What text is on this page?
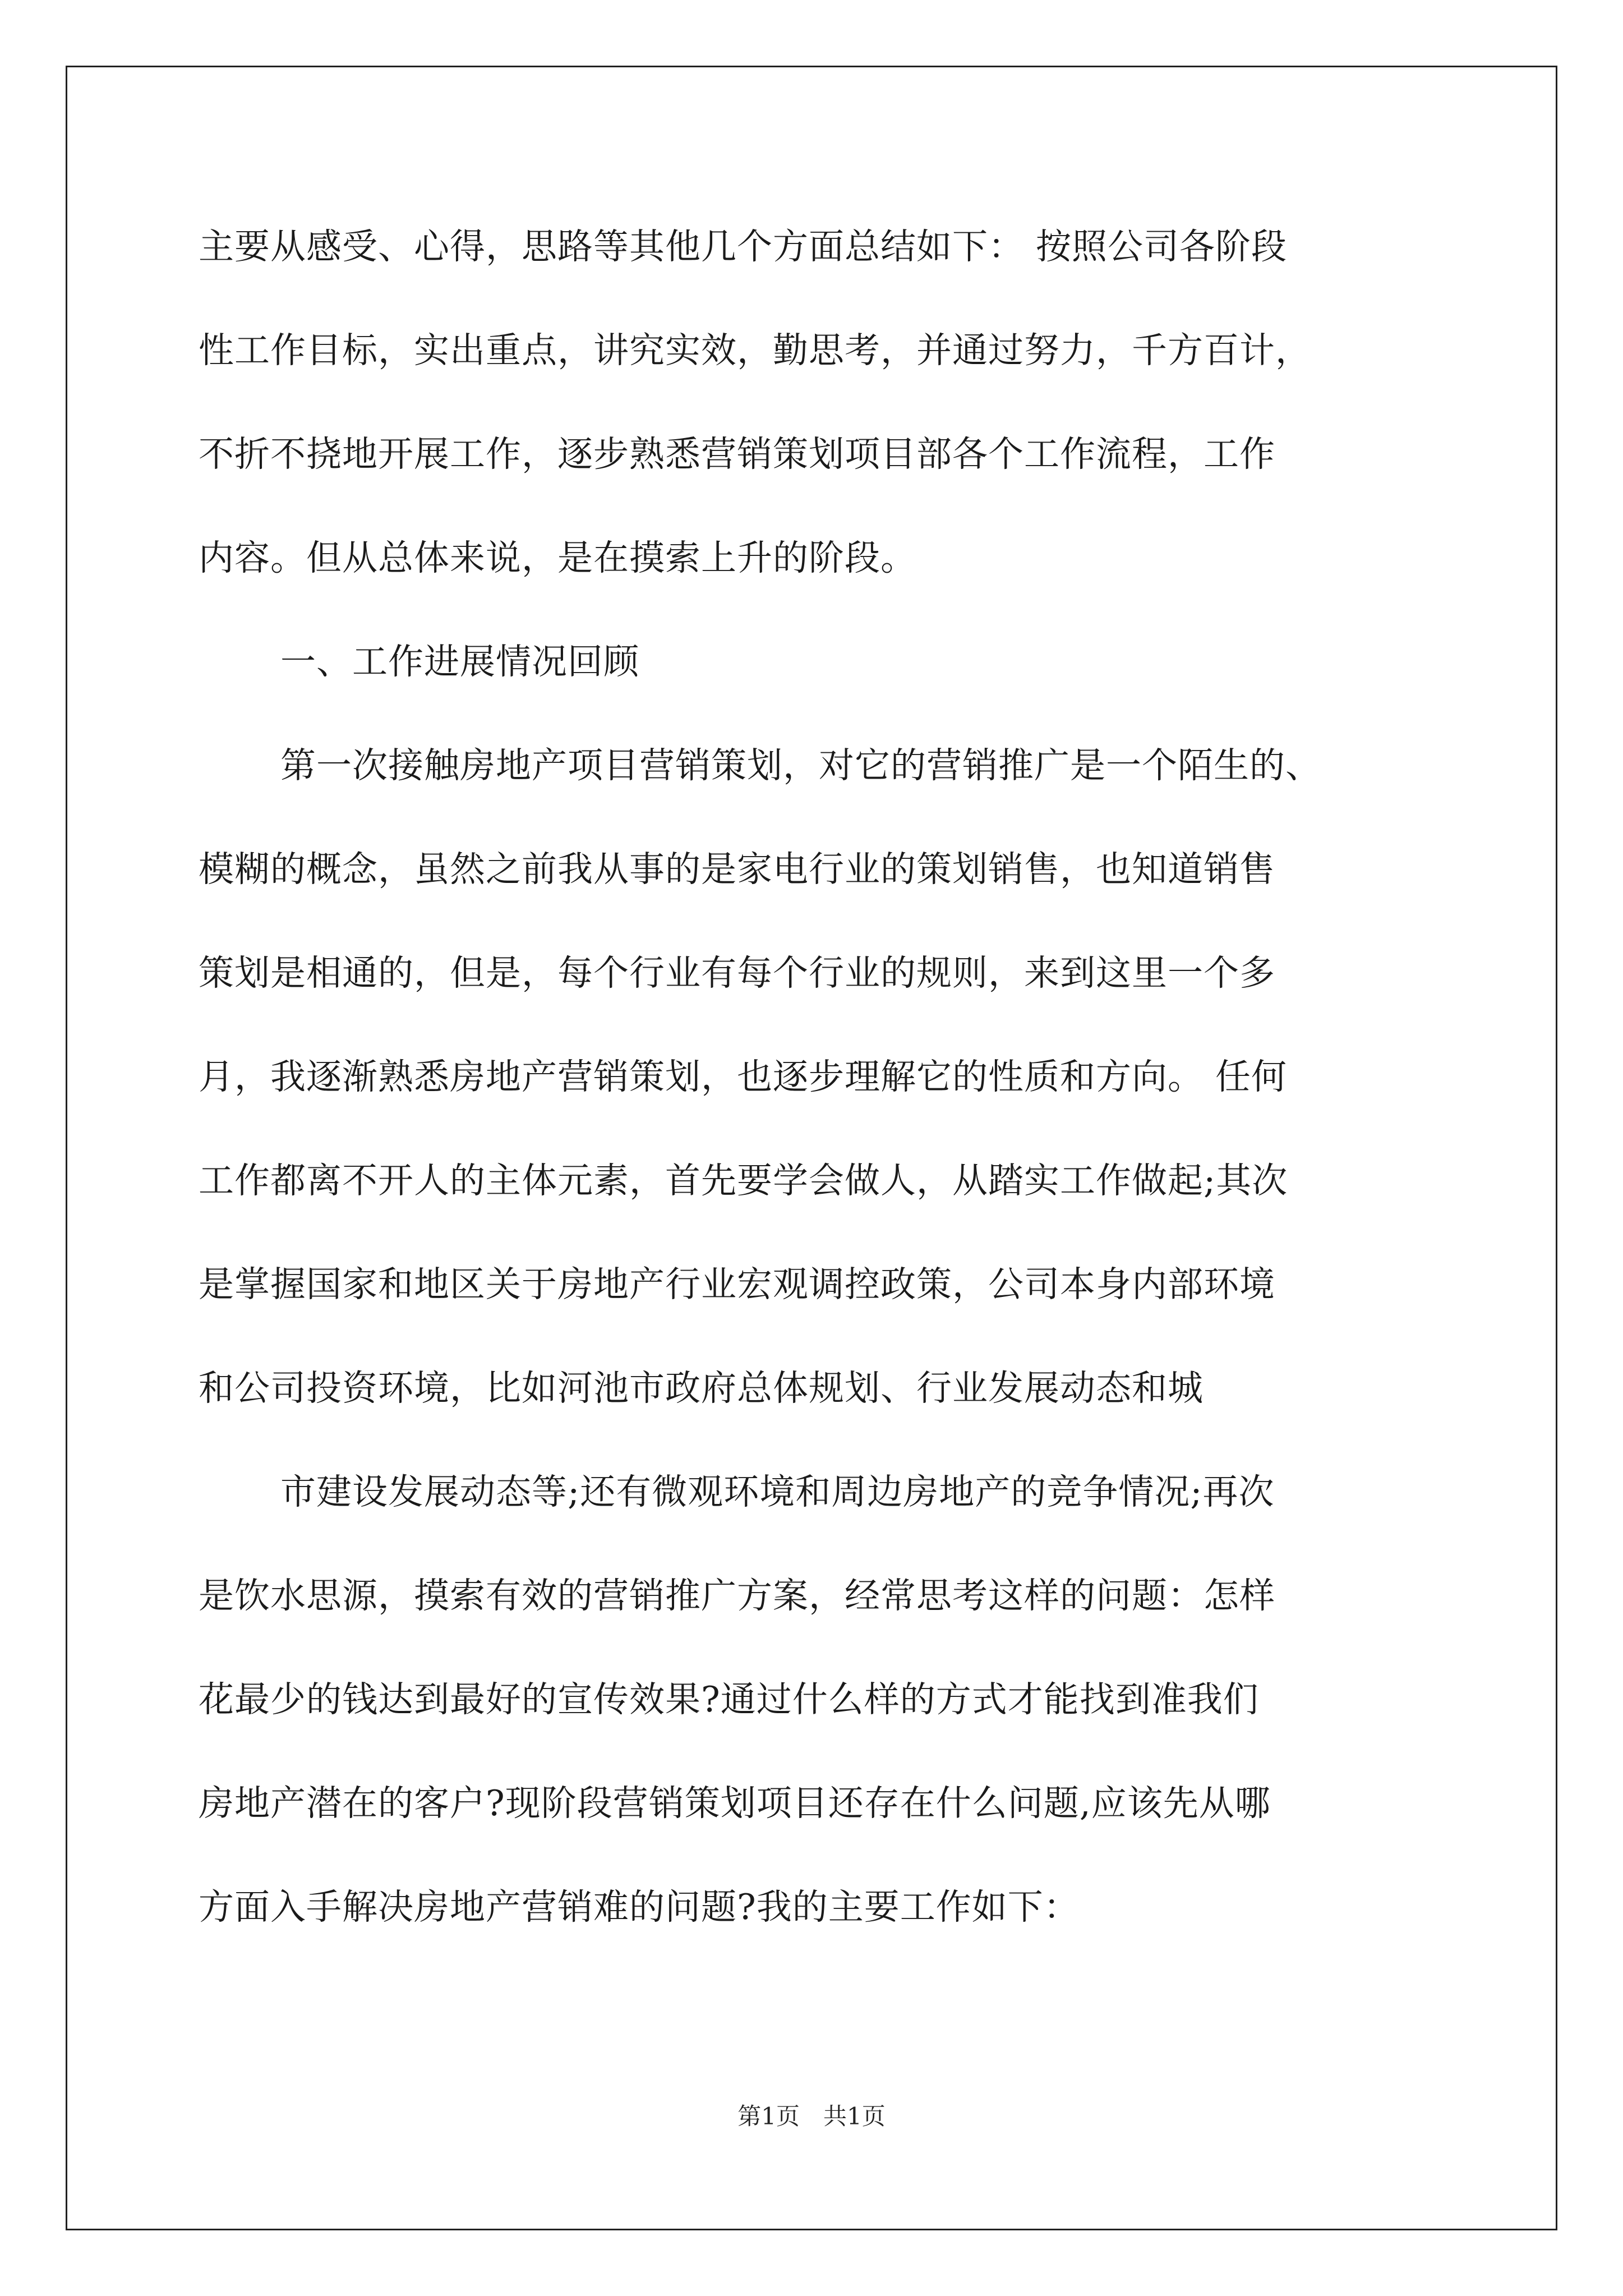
主要从感受、心得，思路等其他几个方面总结如下： 按照公司各阶段
性工作目标，实出重点，讲究实效，勤思考，并通过努力，千方百计，
不折不挠地开展工作，逐步熟悉营销策划项目部各个工作流程，工作
内容。但从总体来说，是在摸索上升的阶段。
一、工作进展情况回顾
第一次接触房地产项目营销策划，对它的营销推广是一个陌生的、
模糊的概念，虽然之前我从事的是家电行业的策划销售，也知道销售
策划是相通的，但是，每个行业有每个行业的规则，来到这里一个多
月，我逐渐熟悉房地产营销策划，也逐步理解它的性质和方向。 任何
工作都离不开人的主体元素，首先要学会做人，从踏实工作做起;其次
是掌握国家和地区关于房地产行业宏观调控政策，公司本身内部环境
和公司投资环境，比如河池市政府总体规划、行业发展动态和城
市建设发展动态等;还有微观环境和周边房地产的竞争情况;再次
是饮水思源，摸索有效的营销推广方案，经常思考这样的问题：怎样
花最少的钱达到最好的宣传效果?通过什么样的方式才能找到准我们
房地产潜在的客户?现阶段营销策划项目还存在什么问题,应该先从哪
方面入手解决房地产营销难的问题?我的主要工作如下：
第1页　共1页
